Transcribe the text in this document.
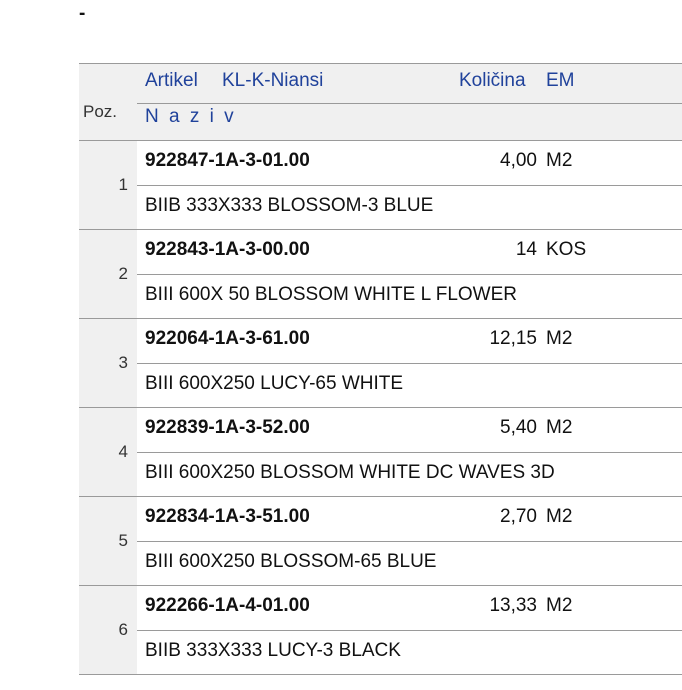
-
Poz.
Artikel KL-K-Niansi	Količina EM
N a z i v
1
922847-1A-3-01.00	4,00 M2
BIIB 333X333 BLOSSOM-3 BLUE
2
922843-1A-3-00.00	14 KOS
BIII 600X 50 BLOSSOM WHITE L FLOWER
3
922064-1A-3-61.00	12,15 M2
BIII 600X250 LUCY-65 WHITE
4
922839-1A-3-52.00	5,40 M2
BIII 600X250 BLOSSOM WHITE DC WAVES 3D
5
922834-1A-3-51.00	2,70 M2
BIII 600X250 BLOSSOM-65 BLUE
6
922266-1A-4-01.00	13,33 M2
BIIB 333X333 LUCY-3 BLACK
